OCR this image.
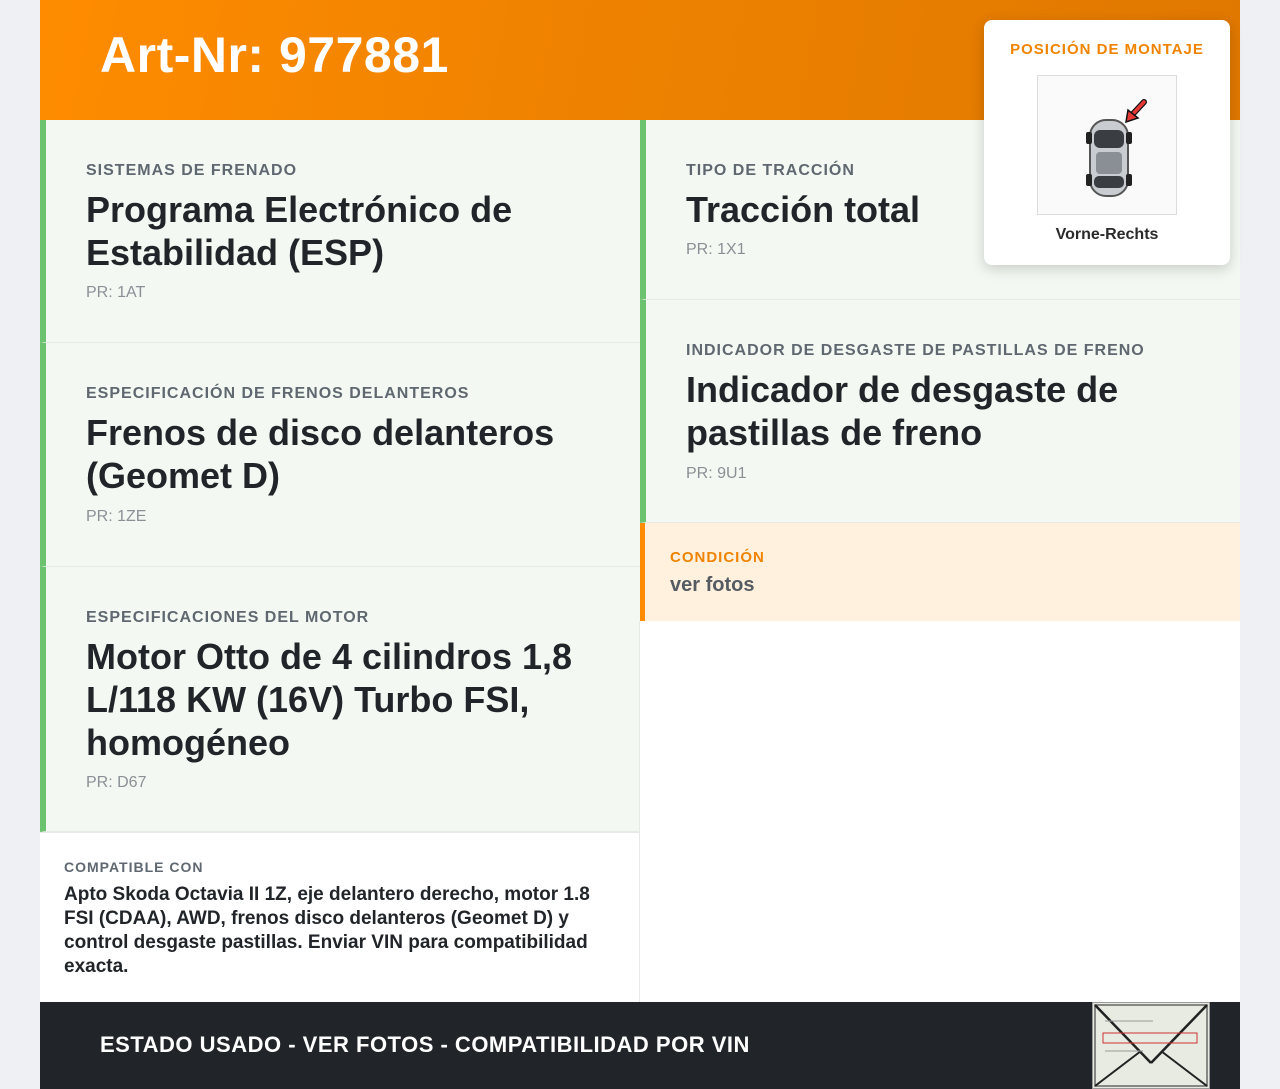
Art-Nr: 977881
SISTEMAS DE FRENADO
Programa Electrónico de Estabilidad (ESP)
PR: 1AT
ESPECIFICACIÓN DE FRENOS DELANTEROS
Frenos de disco delanteros (Geomet D)
PR: 1ZE
ESPECIFICACIONES DEL MOTOR
Motor Otto de 4 cilindros 1,8 L/118 KW (16V) Turbo FSI, homogéneo
PR: D67
TIPO DE TRACCIÓN
Tracción total
PR: 1X1
INDICADOR DE DESGASTE DE PASTILLAS DE FRENO
Indicador de desgaste de pastillas de freno
PR: 9U1
CONDICIÓN
ver fotos
COMPATIBLE CON
Apto Skoda Octavia II 1Z, eje delantero derecho, motor 1.8 FSI (CDAA), AWD, frenos disco delanteros (Geomet D) y control desgaste pastillas. Enviar VIN para compatibilidad exacta.
POSICIÓN DE MONTAJE
Vorne-Rechts
ESTADO USADO - VER FOTOS - COMPATIBILIDAD POR VIN
